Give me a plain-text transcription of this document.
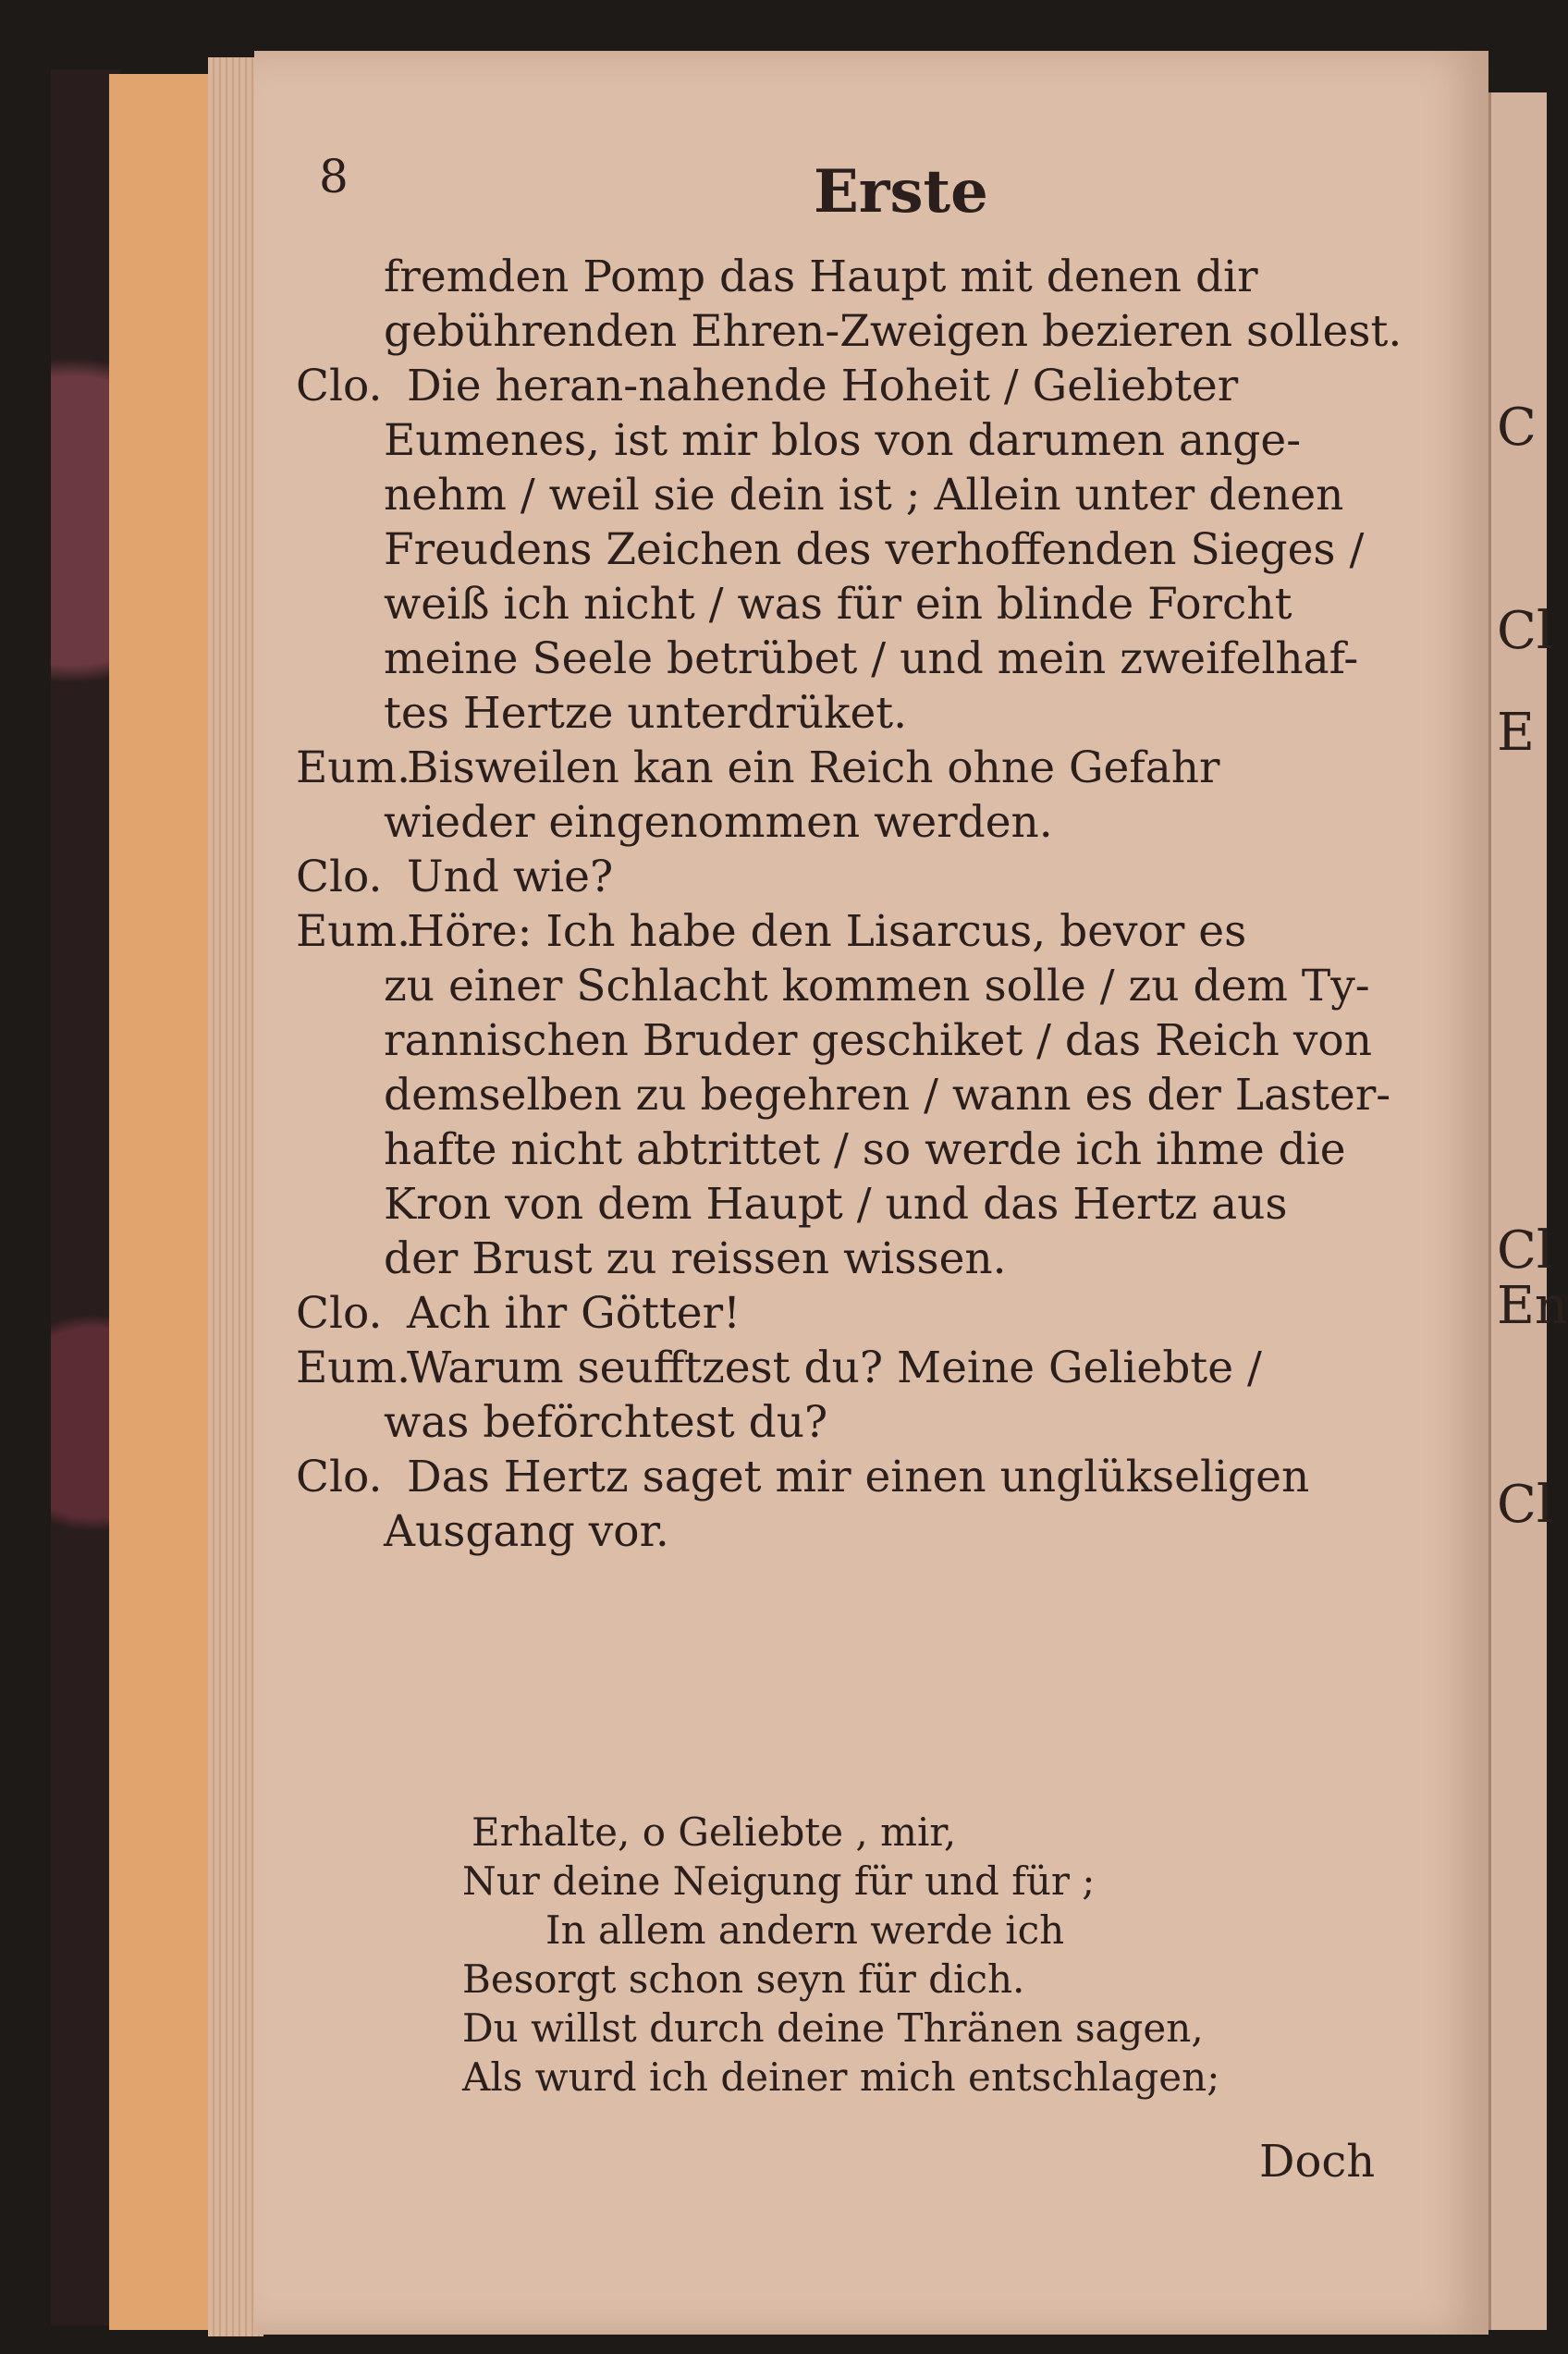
C
Cl
E
Cl
En
Cl
8	Erste
fremden Pomp das Haupt mit denen dir
gebührenden Ehren-Zweigen bezieren sollest.
Clo. Die heran-nahende Hoheit / Geliebter
Eumenes, ist mir blos von darumen ange-
nehm / weil sie dein ist ; Allein unter denen
Freudens Zeichen des verhoffenden Sieges /
weiß ich nicht / was für ein blinde Forcht
meine Seele betrübet / und mein zweifelhaf-
tes Hertze unterdrüket.
Eum.Bisweilen kan ein Reich ohne Gefahr
wieder eingenommen werden.
Clo. Und wie?
Eum.Höre: Ich habe den Lisarcus, bevor es
zu einer Schlacht kommen solle / zu dem Ty-
rannischen Bruder geschiket / das Reich von
demselben zu begehren / wann es der Laster-
hafte nicht abtrittet / so werde ich ihme die
Kron von dem Haupt / und das Hertz aus
der Brust zu reissen wissen.
Clo. Ach ihr Götter!
Eum.Warum seufftzest du? Meine Geliebte /
was beförchtest du?
Clo. Das Hertz saget mir einen unglükseligen
Ausgang vor.
Erhalte, o Geliebte , mir,
Nur deine Neigung für und für ;
In allem andern werde ich
Besorgt schon seyn für dich.
Du willst durch deine Thränen sagen,
Als wurd ich deiner mich entschlagen;
Doch
